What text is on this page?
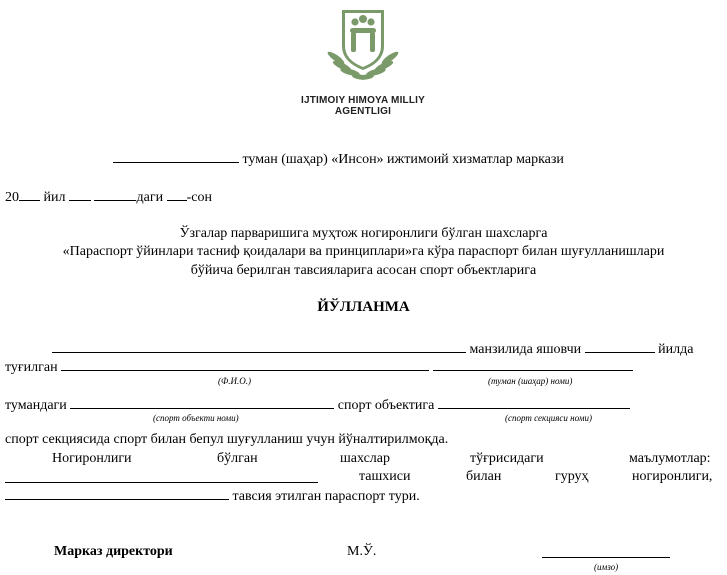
IJTIMOIY HIMOYA MILLIY
AGENTLIGI
туман (шаҳар) «Инсон» ижтимоий хизматлар маркази
20 йил	даги -сон
Ўзгалар парваришига муҳтож ногиронлиги бўлган шахсларга
«Параспорт ўйинлари тасниф қоидалари ва принциплари»га кўра параспорт билан шуғулланишлари
бўйича берилган тавсияларига асосан спорт объектларига
ЙЎЛЛАНМА
манзилида яшовчи	йилда
туғилган
(Ф.И.О.)	(туман (шаҳар) номи)
тумандаги	спорт объектига
(спорт объекти номи)	(спорт секцияси номи)
спорт секциясида спорт билан бепул шуғулланиш учун йўналтирилмоқда.
Ногиронлиги	бўлган	шахслар	тўғрисидаги	маълумотлар:
ташхиси	билан	гуруҳ	ногиронлиги,
тавсия этилган параспорт тури.
Марказ директори	М.Ў.
(имзо)
